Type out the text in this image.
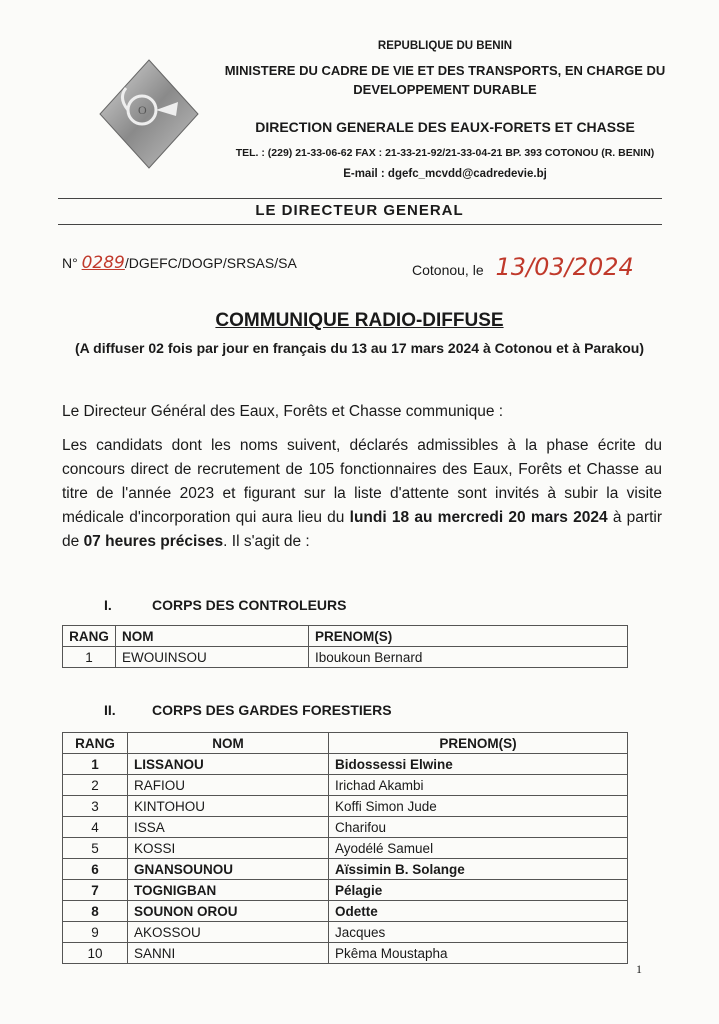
O
REPUBLIQUE DU BENIN
MINISTERE DU CADRE DE VIE ET DES TRANSPORTS, EN CHARGE DU
DEVELOPPEMENT DURABLE
DIRECTION GENERALE DES EAUX-FORETS ET CHASSE
TEL. : (229) 21-33-06-62 FAX : 21-33-21-92/21-33-04-21 BP. 393 COTONOU (R. BENIN)
E-mail : dgefc_mcvdd@cadredevie.bj
LE DIRECTEUR GENERAL
N° 0289/DGEFC/DOGP/SRSAS/SA	Cotonou, le 13/03/2024
COMMUNIQUE RADIO-DIFFUSE
(A diffuser 02 fois par jour en français du 13 au 17 mars 2024 à Cotonou et à Parakou)
Le Directeur Général des Eaux, Forêts et Chasse communique :
Les candidats dont les noms suivent, déclarés admissibles à la phase écrite du concours direct de recrutement de 105 fonctionnaires des Eaux, Forêts et Chasse au titre de l'année 2023 et figurant sur la liste d'attente sont invités à subir la visite médicale d'incorporation qui aura lieu du lundi 18 au mercredi 20 mars 2024 à partir de 07 heures précises. Il s'agit de :
I.	CORPS DES CONTROLEURS
RANG	NOM	PRENOM(S)
1	EWOUINSOU	Iboukoun Bernard
II.	CORPS DES GARDES FORESTIERS
RANG	NOM	PRENOM(S)
1	LISSANOU	Bidossessi Elwine
2	RAFIOU	Irichad Akambi
3	KINTOHOU	Koffi Simon Jude
4	ISSA	Charifou
5	KOSSI	Ayodélé Samuel
6	GNANSOUNOU	Aïssimin B. Solange
7	TOGNIGBAN	Pélagie
8	SOUNON OROU	Odette
9	AKOSSOU	Jacques
10	SANNI	Pkêma Moustapha
1
